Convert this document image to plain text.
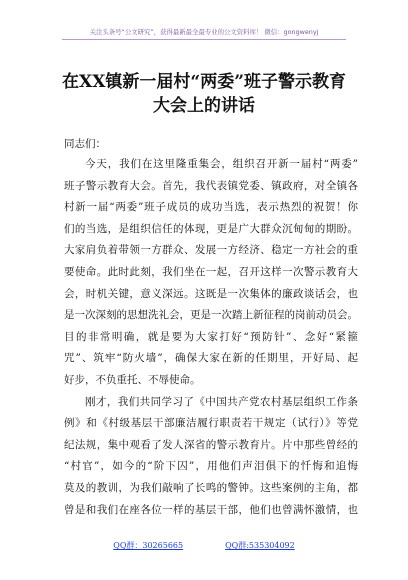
关注头条号“公文研究”，获得最新最全最专业的公文资料库！ 微信：gongwenyj
在XX镇新一届村“两委”班子警示教育
大会上的讲话
同志们：
今天，我们在这里隆重集会，组织召开新一届村“两委”
班子警示教育大会。首先，我代表镇党委、镇政府，对全镇各
村新一届“两委”班子成员的成功当选，表示热烈的祝贺！你
们的当选，是组织信任的体现，更是广大群众沉甸甸的期盼。
大家肩负着带领一方群众、发展一方经济、稳定一方社会的重
要使命。此时此刻，我们坐在一起，召开这样一次警示教育大
会，时机关键，意义深远。这既是一次集体的廉政谈话会，也
是一次深刻的思想洗礼会，更是一次踏上新征程的岗前动员会。
目的非常明确，就是要为大家打好“预防针”、念好“紧箍
咒”、筑牢“防火墙”，确保大家在新的任期里，开好局、起
好步，不负重托、不辱使命。
刚才，我们共同学习了《中国共产党农村基层组织工作条
例》和《村级基层干部廉洁履行职责若干规定（试行）》等党
纪法规，集中观看了发人深省的警示教育片。片中那些曾经的
“村官”，如今的“阶下囚”，用他们声泪俱下的忏悔和追悔
莫及的教训，为我们敲响了长鸣的警钟。这些案例的主角，都
曾是和我们在座各位一样的基层干部，他们也曾满怀激情，也
QQ群：30265665	QQ群:535304092
